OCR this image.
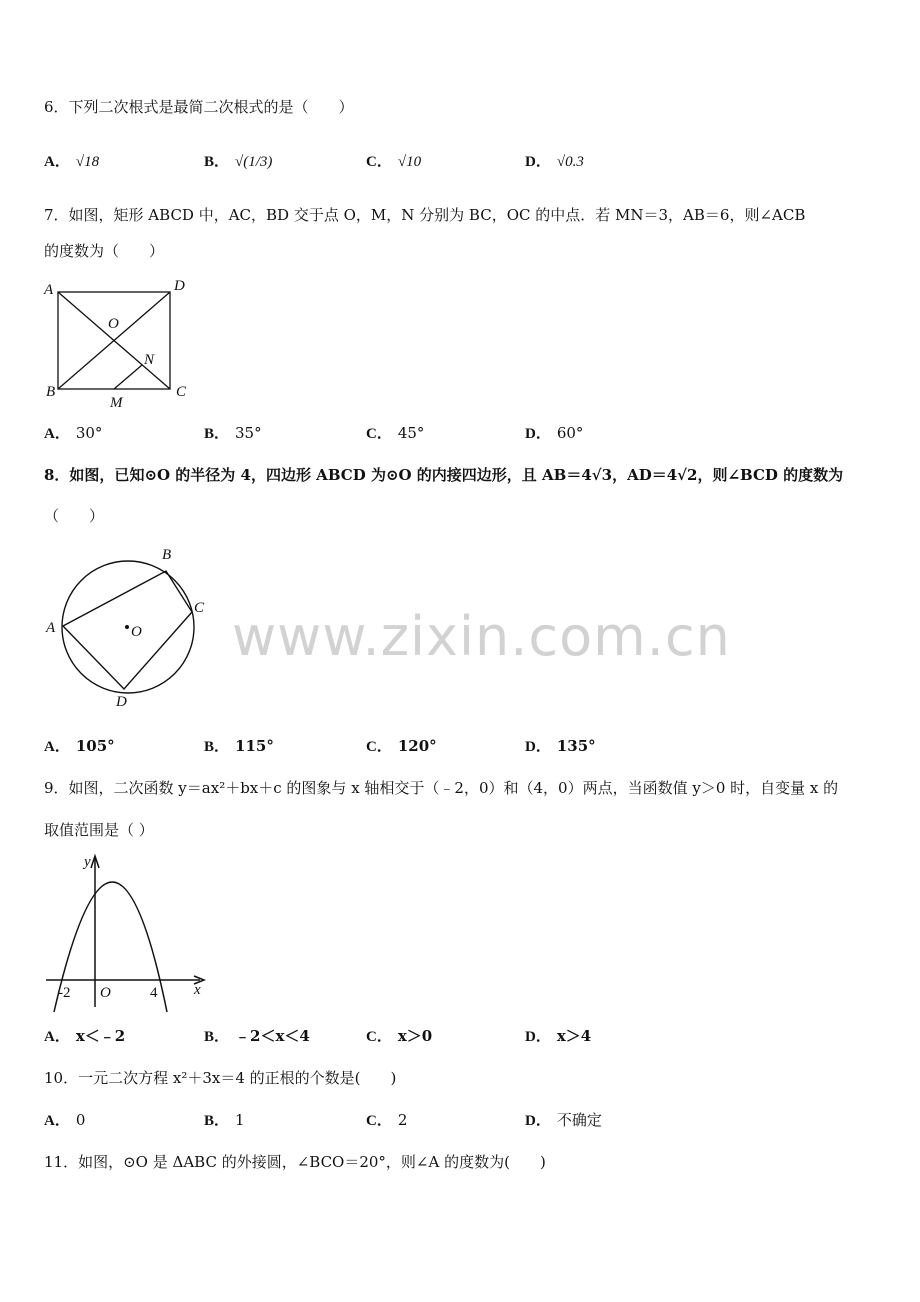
6．下列二次根式是最简二次根式的是（　　）
A． √18	B． √(1/3)	C． √10	D． √0.3
7．如图，矩形 ABCD 中，AC，BD 交于点 O，M，N 分别为 BC，OC 的中点．若 MN＝3，AB＝6，则∠ACB
的度数为（　　）
A	D
O
N
B	C
M
A． 30°	B． 35°	C． 45°	D． 60°
8．如图，已知⊙O 的半径为 4，四边形 ABCD 为⊙O 的内接四边形，且 AB＝4√3，AD＝4√2，则∠BCD 的度数为
（　　）
A
B
C
D
O www.zixin.com.cn
A． 105°	B． 115°	C． 120°	D． 135°
9．如图，二次函数 y＝ax²＋bx＋c 的图象与 x 轴相交于（﹣2，0）和（4，0）两点，当函数值 y＞0 时，自变量 x 的
取值范围是（ ）
y
x
O
-2	4
A． x＜﹣2	B． ﹣2＜x＜4	C． x＞0	D． x＞4
10．一元二次方程 x²＋3x＝4 的正根的个数是(　　)
A． 0	B． 1	C． 2	D． 不确定
11．如图，⊙O 是 ΔABC 的外接圆，∠BCO＝20°，则∠A 的度数为(　　)
